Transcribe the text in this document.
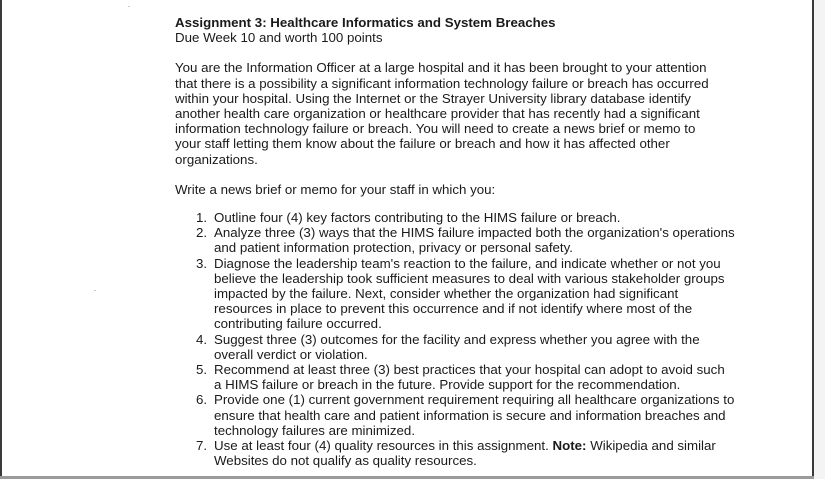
Assignment 3: Healthcare Informatics and System Breaches

Due Week 10 and worth 100 points

You are the Information Officer at a large hospital and it has been brought to your attention that there is a possibility a significant information technology failure or breach has occurred within your hospital. Using the Internet or the Strayer University library database identify another health care organization or healthcare provider that has recently had a significant information technology failure or breach. You will need to create a news brief or memo to your staff letting them know about the failure or breach and how it has affected other organizations.

Write a news brief or memo for your staff in which you:

1. Outline four (4) key factors contributing to the HIMS failure or breach.
2. Analyze three (3) ways that the HIMS failure impacted both the organization's operations and patient information protection, privacy or personal safety.
3. Diagnose the leadership team's reaction to the failure, and indicate whether or not you believe the leadership took sufficient measures to deal with various stakeholder groups impacted by the failure. Next, consider whether the organization had significant resources in place to prevent this occurrence and if not identify where most of the contributing failure occurred.
4. Suggest three (3) outcomes for the facility and express whether you agree with the overall verdict or violation.
5. Recommend at least three (3) best practices that your hospital can adopt to avoid such a HIMS failure or breach in the future. Provide support for the recommendation.
6. Provide one (1) current government requirement requiring all healthcare organizations to ensure that health care and patient information is secure and information breaches and technology failures are minimized.
7. Use at least four (4) quality resources in this assignment. Note: Wikipedia and similar Websites do not qualify as quality resources.
